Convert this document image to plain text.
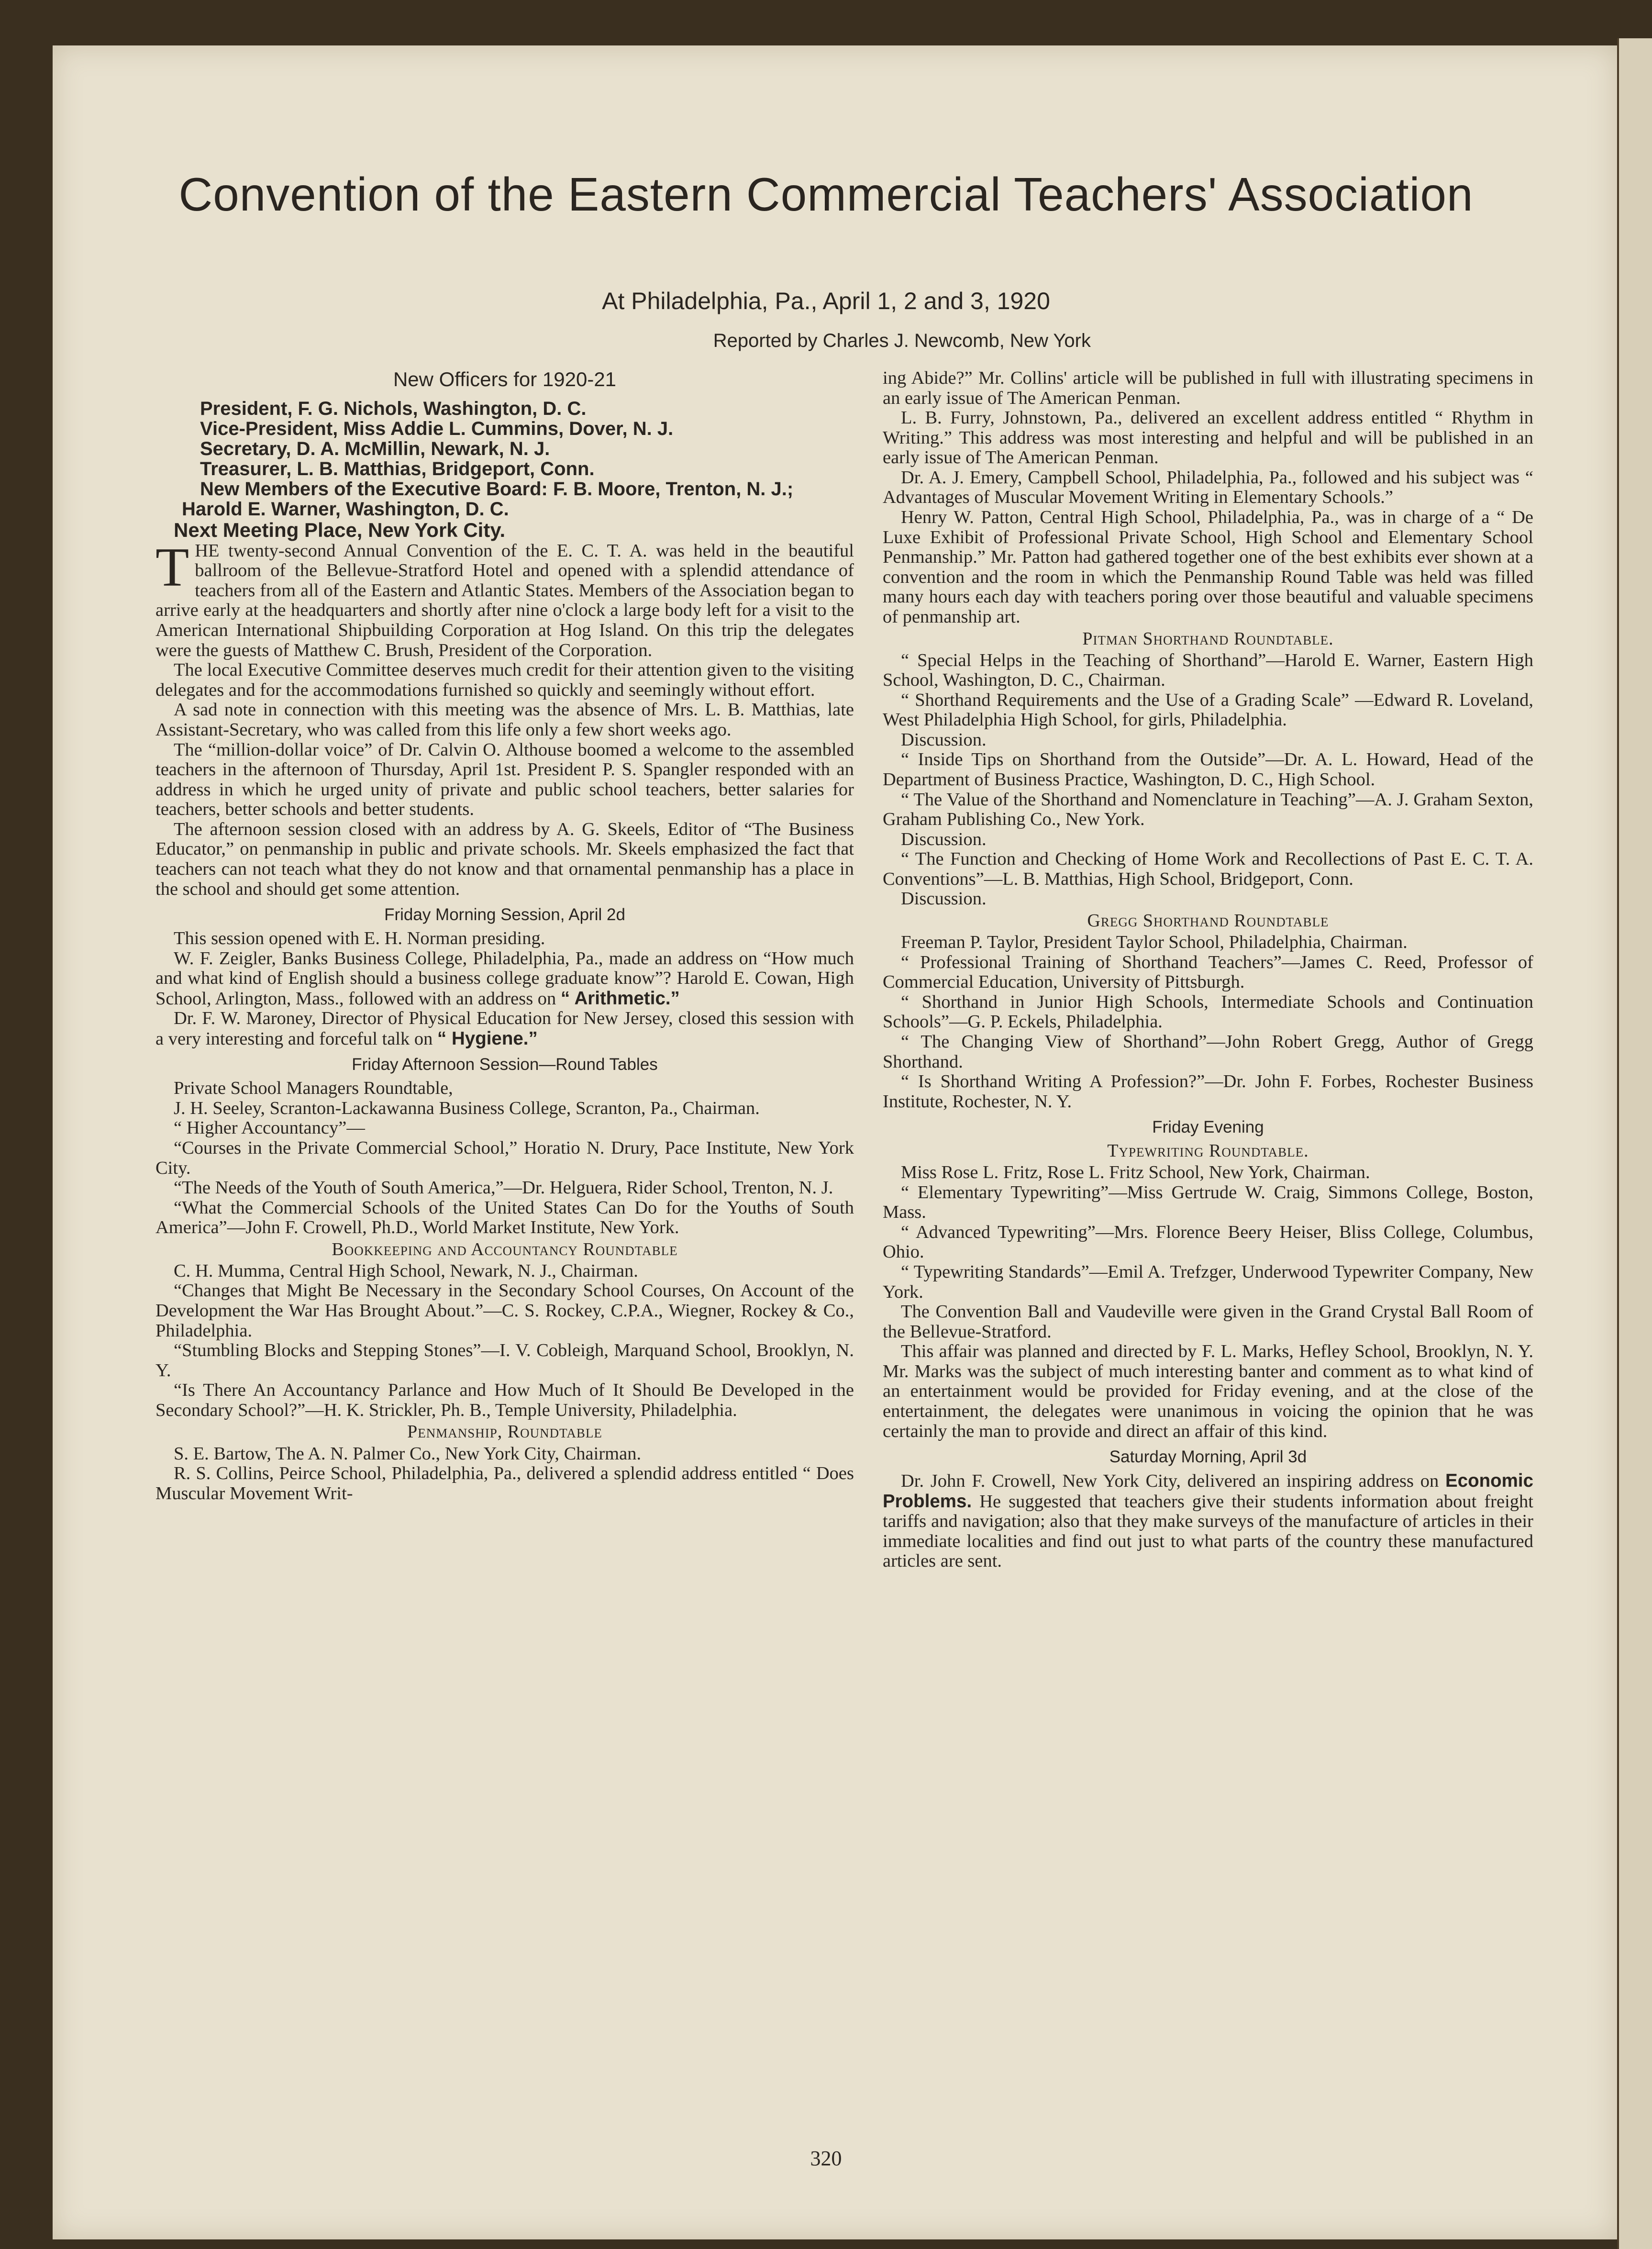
Convention of the Eastern Commercial Teachers' Association
At Philadelphia, Pa., April 1, 2 and 3, 1920
Reported by Charles J. Newcomb, New York
New Officers for 1920-21

President, F. G. Nichols, Washington, D. C.

Vice-President, Miss Addie L. Cummins, Dover, N. J.

Secretary, D. A. McMillin, Newark, N. J.

Treasurer, L. B. Matthias, Bridgeport, Conn.

New Members of the Executive Board: F. B. Moore, Trenton, N. J.; Harold E. Warner, Washington, D. C.

Next Meeting Place, New York City.

THE twenty-second Annual Convention of the E. C. T. A. was held in the beautiful ballroom of the Bellevue-Stratford Hotel and opened with a splendid attendance of teachers from all of the Eastern and Atlantic States. Members of the Association began to arrive early at the headquarters and shortly after nine o'clock a large body left for a visit to the American International Shipbuilding Corporation at Hog Island. On this trip the delegates were the guests of Matthew C. Brush, President of the Corporation.

The local Executive Committee deserves much credit for their attention given to the visiting delegates and for the accommodations furnished so quickly and seemingly without effort.

A sad note in connection with this meeting was the absence of Mrs. L. B. Matthias, late Assistant-Secretary, who was called from this life only a few short weeks ago.

The “million-dollar voice” of Dr. Calvin O. Althouse boomed a welcome to the assembled teachers in the afternoon of Thursday, April 1st. President P. S. Spangler responded with an address in which he urged unity of private and public school teachers, better salaries for teachers, better schools and better students.

The afternoon session closed with an address by A. G. Skeels, Editor of “The Business Educator,” on penmanship in public and private schools. Mr. Skeels emphasized the fact that teachers can not teach what they do not know and that ornamental penmanship has a place in the school and should get some attention.

Friday Morning Session, April 2d

This session opened with E. H. Norman presiding.

W. F. Zeigler, Banks Business College, Philadelphia, Pa., made an address on “How much and what kind of English should a business college graduate know”? Harold E. Cowan, High School, Arlington, Mass., followed with an address on “ Arithmetic.”

Dr. F. W. Maroney, Director of Physical Education for New Jersey, closed this session with a very interesting and forceful talk on “ Hygiene.”

Friday Afternoon Session—Round Tables

Private School Managers Roundtable,

J. H. Seeley, Scranton-Lackawanna Business College, Scranton, Pa., Chairman.

“ Higher Accountancy”—

“Courses in the Private Commercial School,” Horatio N. Drury, Pace Institute, New York City.

“The Needs of the Youth of South America,”—Dr. Helguera, Rider School, Trenton, N. J.

“What the Commercial Schools of the United States Can Do for the Youths of South America”—John F. Crowell, Ph.D., World Market Institute, New York.

Bookkeeping and Accountancy Roundtable

C. H. Mumma, Central High School, Newark, N. J., Chairman.

“Changes that Might Be Necessary in the Secondary School Courses, On Account of the Development the War Has Brought About.”—C. S. Rockey, C.P.A., Wiegner, Rockey & Co., Philadelphia.

“Stumbling Blocks and Stepping Stones”—I. V. Cobleigh, Marquand School, Brooklyn, N. Y.

“Is There An Accountancy Parlance and How Much of It Should Be Developed in the Secondary School?”—H. K. Strickler, Ph. B., Temple University, Philadelphia.

Penmanship, Roundtable

S. E. Bartow, The A. N. Palmer Co., New York City, Chairman.

R. S. Collins, Peirce School, Philadelphia, Pa., delivered a splendid address entitled “ Does Muscular Movement Writ-

ing Abide?” Mr. Collins' article will be published in full with illustrating specimens in an early issue of The American Penman.

L. B. Furry, Johnstown, Pa., delivered an excellent address entitled “ Rhythm in Writing.” This address was most interesting and helpful and will be published in an early issue of The American Penman.

Dr. A. J. Emery, Campbell School, Philadelphia, Pa., followed and his subject was “ Advantages of Muscular Movement Writing in Elementary Schools.”

Henry W. Patton, Central High School, Philadelphia, Pa., was in charge of a “ De Luxe Exhibit of Professional Private School, High School and Elementary School Penmanship.” Mr. Patton had gathered together one of the best exhibits ever shown at a convention and the room in which the Penmanship Round Table was held was filled many hours each day with teachers poring over those beautiful and valuable specimens of penmanship art.

Pitman Shorthand Roundtable.

“ Special Helps in the Teaching of Shorthand”—Harold E. Warner, Eastern High School, Washington, D. C., Chairman.

“ Shorthand Requirements and the Use of a Grading Scale” —Edward R. Loveland, West Philadelphia High School, for girls, Philadelphia.

Discussion.

“ Inside Tips on Shorthand from the Outside”—Dr. A. L. Howard, Head of the Department of Business Practice, Washington, D. C., High School.

“ The Value of the Shorthand and Nomenclature in Teaching”—A. J. Graham Sexton, Graham Publishing Co., New York.

Discussion.

“ The Function and Checking of Home Work and Recollections of Past E. C. T. A. Conventions”—L. B. Matthias, High School, Bridgeport, Conn.

Discussion.

Gregg Shorthand Roundtable

Freeman P. Taylor, President Taylor School, Philadelphia, Chairman.

“ Professional Training of Shorthand Teachers”—James C. Reed, Professor of Commercial Education, University of Pittsburgh.

“ Shorthand in Junior High Schools, Intermediate Schools and Continuation Schools”—G. P. Eckels, Philadelphia.

“ The Changing View of Shorthand”—John Robert Gregg, Author of Gregg Shorthand.

“ Is Shorthand Writing A Profession?”—Dr. John F. Forbes, Rochester Business Institute, Rochester, N. Y.

Friday Evening
Typewriting Roundtable.

Miss Rose L. Fritz, Rose L. Fritz School, New York, Chairman.

“ Elementary Typewriting”—Miss Gertrude W. Craig, Simmons College, Boston, Mass.

“ Advanced Typewriting”—Mrs. Florence Beery Heiser, Bliss College, Columbus, Ohio.

“ Typewriting Standards”—Emil A. Trefzger, Underwood Typewriter Company, New York.

The Convention Ball and Vaudeville were given in the Grand Crystal Ball Room of the Bellevue-Stratford.

This affair was planned and directed by F. L. Marks, Hefley School, Brooklyn, N. Y. Mr. Marks was the subject of much interesting banter and comment as to what kind of an entertainment would be provided for Friday evening, and at the close of the entertainment, the delegates were unanimous in voicing the opinion that he was certainly the man to provide and direct an affair of this kind.

Saturday Morning, April 3d

Dr. John F. Crowell, New York City, delivered an inspiring address on Economic Problems. He suggested that teachers give their students information about freight tariffs and navigation; also that they make surveys of the manufacture of articles in their immediate localities and find out just to what parts of the country these manufactured articles are sent.

320
